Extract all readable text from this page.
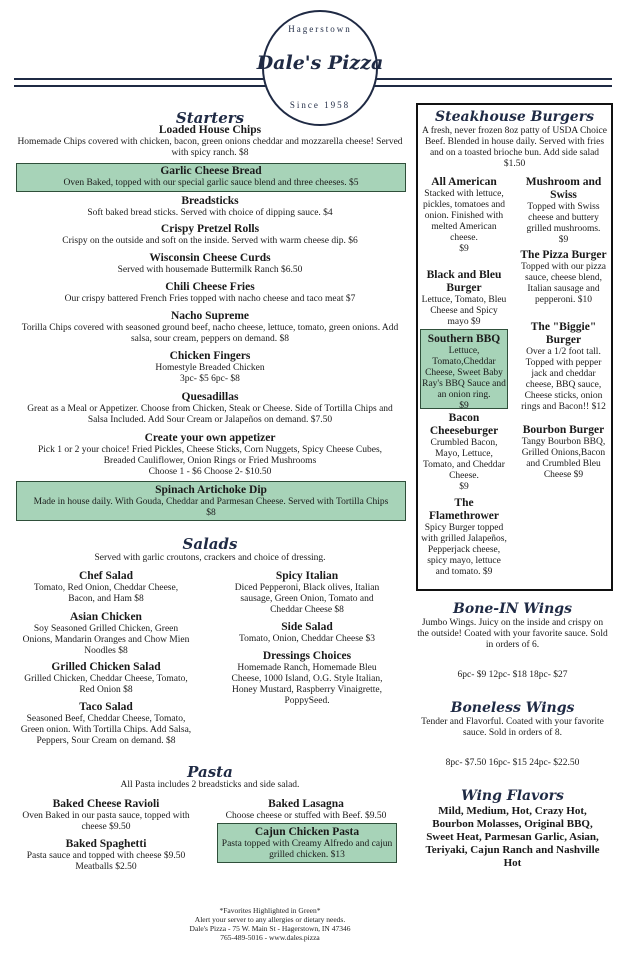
Hagerstown
Dale's Pizza
Since 1958
Starters
Loaded House Chips
Homemade Chips covered with chicken, bacon, green onions cheddar and mozzarella cheese! Served with spicy ranch. $8
Garlic Cheese Bread
Oven Baked, topped with our special garlic sauce blend and three cheeses. $5
Breadsticks
Soft baked bread sticks. Served with choice of dipping sauce. $4
Crispy Pretzel Rolls
Crispy on the outside and soft on the inside. Served with warm cheese dip. $6
Wisconsin Cheese Curds
Served with housemade Buttermilk Ranch $6.50
Chili Cheese Fries
Our crispy battered French Fries topped with nacho cheese and taco meat $7
Nacho Supreme
Torilla Chips covered with seasoned ground beef, nacho cheese, lettuce, tomato, green onions. Add salsa, sour cream, peppers on demand. $8
Chicken Fingers
Homestyle Breaded Chicken
3pc- $5 6pc- $8
Quesadillas
Great as a Meal or Appetizer. Choose from Chicken, Steak or Cheese. Side of Tortilla Chips and Salsa Included. Add Sour Cream or Jalapeños on demand. $7.50
Create your own appetizer
Pick 1 or 2 your choice! Fried Pickles, Cheese Sticks, Corn Nuggets, Spicy Cheese Cubes, Breaded Cauliflower, Onion Rings or Fried Mushrooms
Choose 1 - $6 Choose 2- $10.50
Spinach Artichoke Dip
Made in house daily. With Gouda, Cheddar and Parmesan Cheese. Served with Tortilla Chips
$8
Salads
Served with garlic croutons, crackers and choice of dressing.
Chef Salad
Tomato, Red Onion, Cheddar Cheese, Bacon, and Ham $8
Asian Chicken
Soy Seasoned Grilled Chicken, Green Onions, Mandarin Oranges and Chow Mien Noodles $8
Grilled Chicken Salad
Grilled Chicken, Cheddar Cheese, Tomato, Red Onion $8
Taco Salad
Seasoned Beef, Cheddar Cheese, Tomato, Green onion. With Tortilla Chips. Add Salsa, Peppers, Sour Cream on demand. $8
Spicy Italian
Diced Pepperoni, Black olives, Italian sausage, Green Onion, Tomato and Cheddar Cheese $8
Side Salad
Tomato, Onion, Cheddar Cheese $3
Dressings Choices
Homemade Ranch, Homemade Bleu Cheese, 1000 Island, O.G. Style Italian, Honey Mustard, Raspberry Vinaigrette, PoppySeed.
Pasta
All Pasta includes 2 breadsticks and side salad.
Baked Cheese Ravioli
Oven Baked in our pasta sauce, topped with cheese $9.50
Baked Spaghetti
Pasta sauce and topped with cheese $9.50
Meatballs $2.50
Baked Lasagna
Choose cheese or stuffed with Beef. $9.50
Cajun Chicken Pasta
Pasta topped with Creamy Alfredo and cajun grilled chicken. $13
*Favorites Highlighted in Green*
Alert your server to any allergies or dietary needs.
Dale's Pizza - 75 W. Main St - Hagerstown, IN 47346
765-489-5016 - www.dales.pizza
Steakhouse Burgers
A fresh, never frozen 8oz patty of USDA Choice Beef. Blended in house daily. Served with fries and on a toasted brioche bun. Add side salad $1.50
All American
Stacked with lettuce, pickles, tomatoes and onion. Finished with melted American cheese.
$9
Black and Bleu Burger
Lettuce, Tomato, Bleu Cheese and Spicy mayo $9
Southern BBQ
Lettuce, Tomato,Cheddar Cheese, Sweet Baby Ray's BBQ Sauce and an onion ring.
$9
Bacon Cheeseburger
Crumbled Bacon, Mayo, Lettuce, Tomato, and Cheddar Cheese.
$9
The Flamethrower
Spicy Burger topped with grilled Jalapeños, Pepperjack cheese, spicy mayo, lettuce and tomato. $9
Mushroom and Swiss
Topped with Swiss cheese and buttery grilled mushrooms.
$9
The Pizza Burger
Topped with our pizza sauce, cheese blend, Italian sausage and pepperoni. $10
The "Biggie" Burger
Over a 1/2 foot tall. Topped with pepper jack and cheddar cheese, BBQ sauce, Cheese sticks, onion rings and Bacon!! $12
Bourbon Burger
Tangy Bourbon BBQ, Grilled Onions,Bacon and Crumbled Bleu Cheese $9
Bone-IN Wings
Jumbo Wings. Juicy on the inside and crispy on the outside! Coated with your favorite sauce. Sold in orders of 6.
6pc- $9 12pc- $18 18pc- $27
Boneless Wings
Tender and Flavorful. Coated with your favorite sauce. Sold in orders of 8.
8pc- $7.50 16pc- $15 24pc- $22.50
Wing Flavors
Mild, Medium, Hot, Crazy Hot, Bourbon Molasses, Original BBQ, Sweet Heat, Parmesan Garlic, Asian, Teriyaki, Cajun Ranch and Nashville Hot
